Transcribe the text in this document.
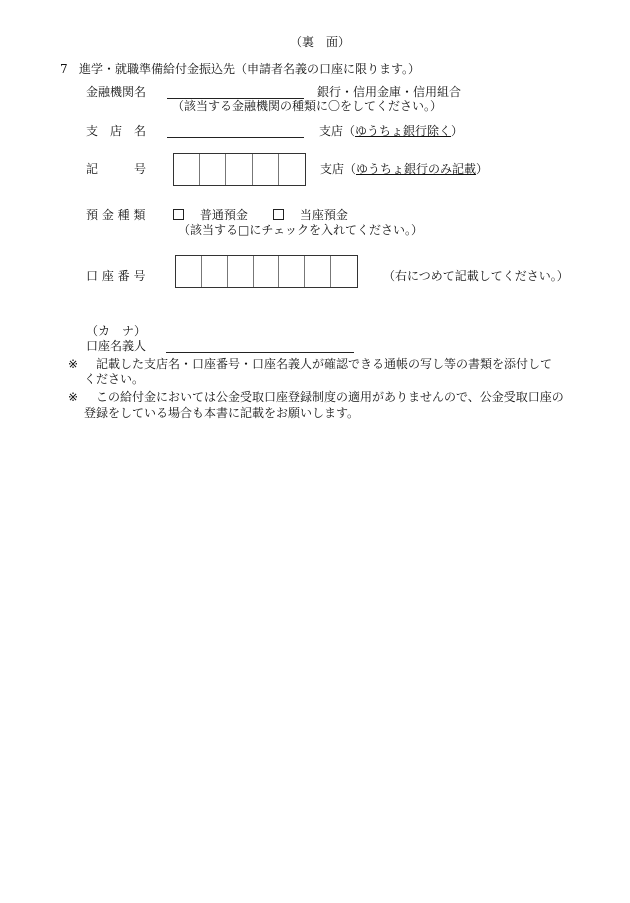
（裏　面）
7 進学・就職準備給付金振込先（申請者名義の口座に限ります。）
金融機関名	銀行・信用金庫・信用組合
（該当する金融機関の種類に〇をしてください。）
支　店　名	支店（ゆうちょ銀行除く）
記　　　号	支店（ゆうちょ銀行のみ記載）
預 金 種 類	普通預金	当座預金
（該当する□にチェックを入れてください。）
口 座 番 号	（右につめて記載してください。）
（カ　ナ）
口座名義人
※ 記載した支店名・口座番号・口座名義人が確認できる通帳の写し等の書類を添付して
ください。
※ この給付金においては公金受取口座登録制度の適用がありませんので、公金受取口座の
登録をしている場合も本書に記載をお願いします。
